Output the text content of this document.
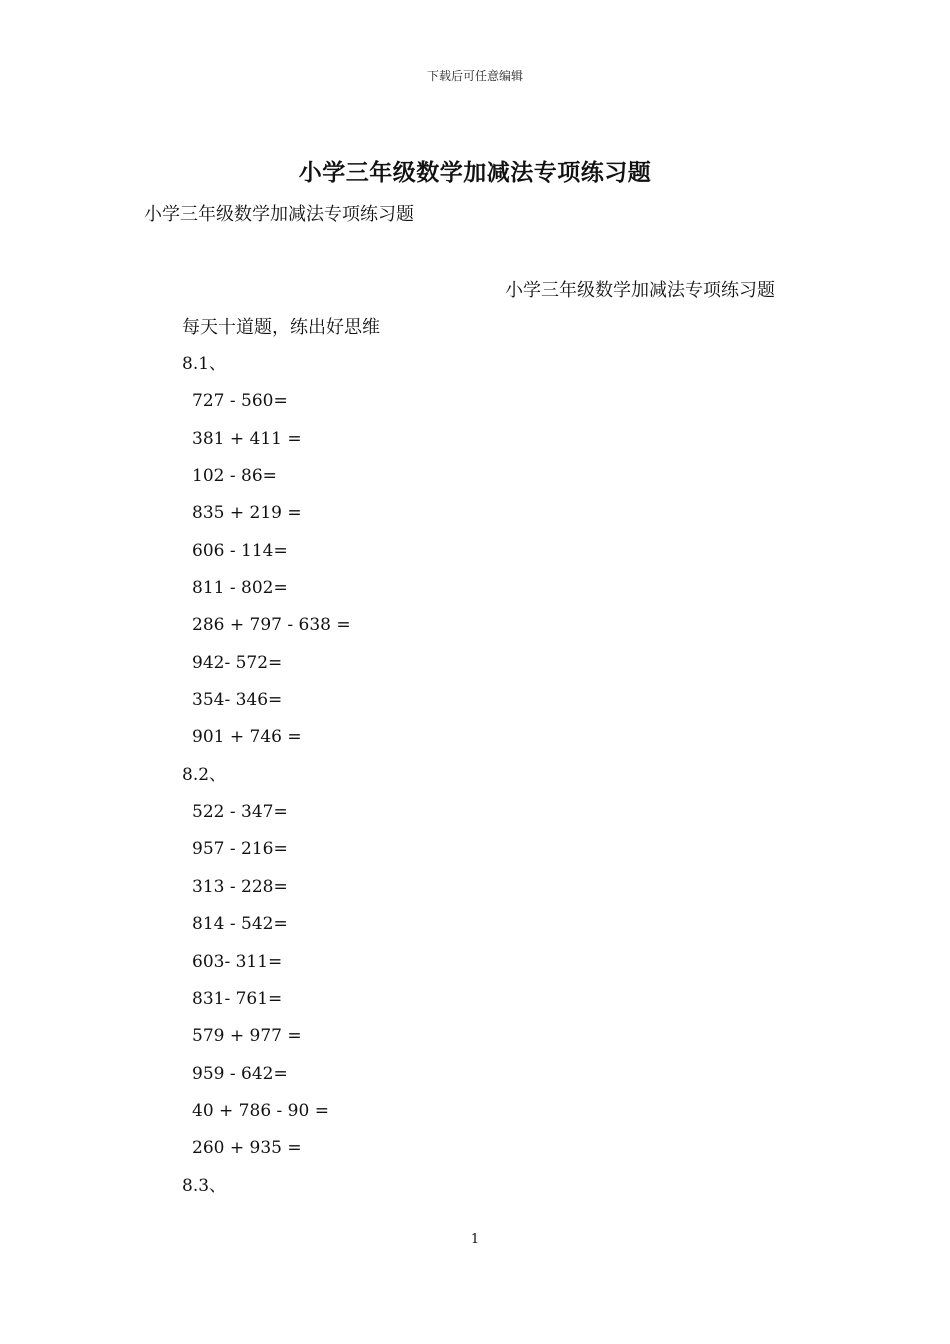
下载后可任意编辑
小学三年级数学加减法专项练习题
小学三年级数学加减法专项练习题
小学三年级数学加减法专项练习题
每天十道题，练出好思维
8.1、
727 - 560=
381 + 411 =
102 - 86=
835 + 219 =
606 - 114=
811 - 802=
286 + 797 - 638 =
942- 572=
354- 346=
901 + 746 =
8.2、
522 - 347=
957 - 216=
313 - 228=
814 - 542=
603- 311=
831- 761=
579 + 977 =
959 - 642=
40 + 786 - 90 =
260 + 935 =
8.3、
1
